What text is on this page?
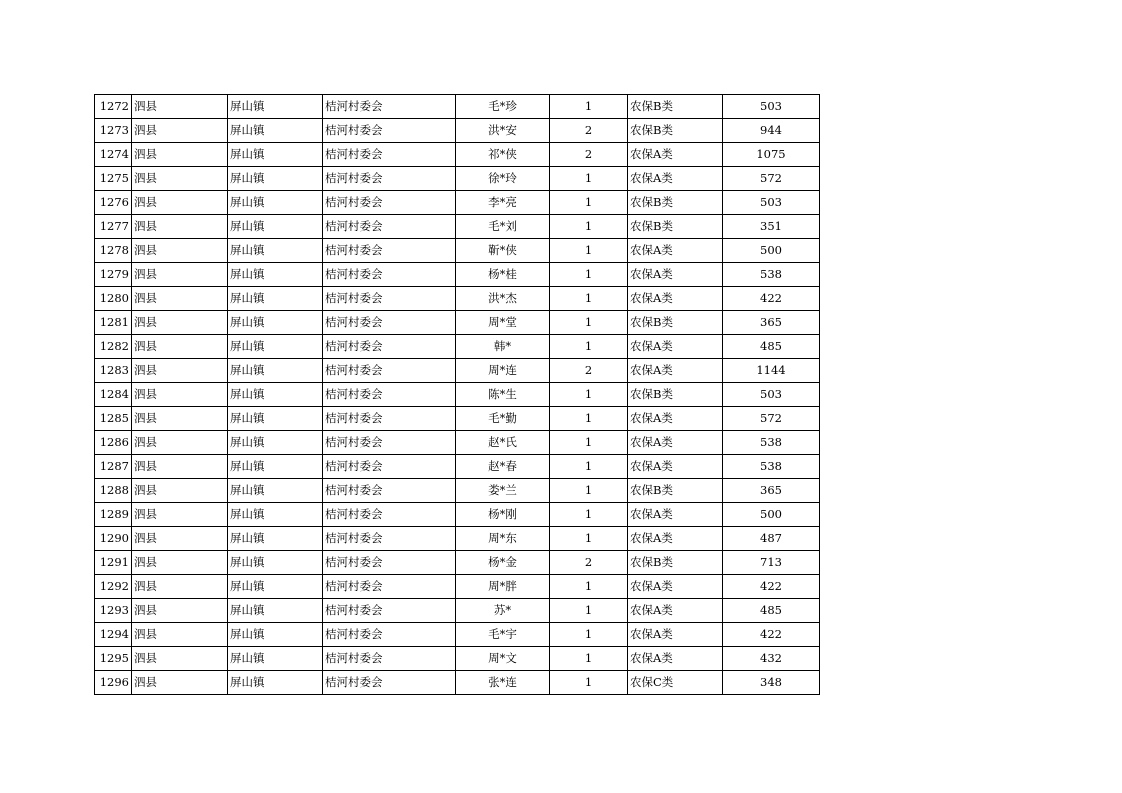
1272	泗县	屏山镇	桔河村委会	毛*珍	1	农保B类	503
1273	泗县	屏山镇	桔河村委会	洪*安	2	农保B类	944
1274	泗县	屏山镇	桔河村委会	祁*侠	2	农保A类	1075
1275	泗县	屏山镇	桔河村委会	徐*玲	1	农保A类	572
1276	泗县	屏山镇	桔河村委会	李*亮	1	农保B类	503
1277	泗县	屏山镇	桔河村委会	毛*刘	1	农保B类	351
1278	泗县	屏山镇	桔河村委会	靳*侠	1	农保A类	500
1279	泗县	屏山镇	桔河村委会	杨*桂	1	农保A类	538
1280	泗县	屏山镇	桔河村委会	洪*杰	1	农保A类	422
1281	泗县	屏山镇	桔河村委会	周*堂	1	农保B类	365
1282	泗县	屏山镇	桔河村委会	韩*	1	农保A类	485
1283	泗县	屏山镇	桔河村委会	周*连	2	农保A类	1144
1284	泗县	屏山镇	桔河村委会	陈*生	1	农保B类	503
1285	泗县	屏山镇	桔河村委会	毛*勤	1	农保A类	572
1286	泗县	屏山镇	桔河村委会	赵*氏	1	农保A类	538
1287	泗县	屏山镇	桔河村委会	赵*春	1	农保A类	538
1288	泗县	屏山镇	桔河村委会	娄*兰	1	农保B类	365
1289	泗县	屏山镇	桔河村委会	杨*刚	1	农保A类	500
1290	泗县	屏山镇	桔河村委会	周*东	1	农保A类	487
1291	泗县	屏山镇	桔河村委会	杨*金	2	农保B类	713
1292	泗县	屏山镇	桔河村委会	周*胖	1	农保A类	422
1293	泗县	屏山镇	桔河村委会	苏*	1	农保A类	485
1294	泗县	屏山镇	桔河村委会	毛*宇	1	农保A类	422
1295	泗县	屏山镇	桔河村委会	周*文	1	农保A类	432
1296	泗县	屏山镇	桔河村委会	张*连	1	农保C类	348
